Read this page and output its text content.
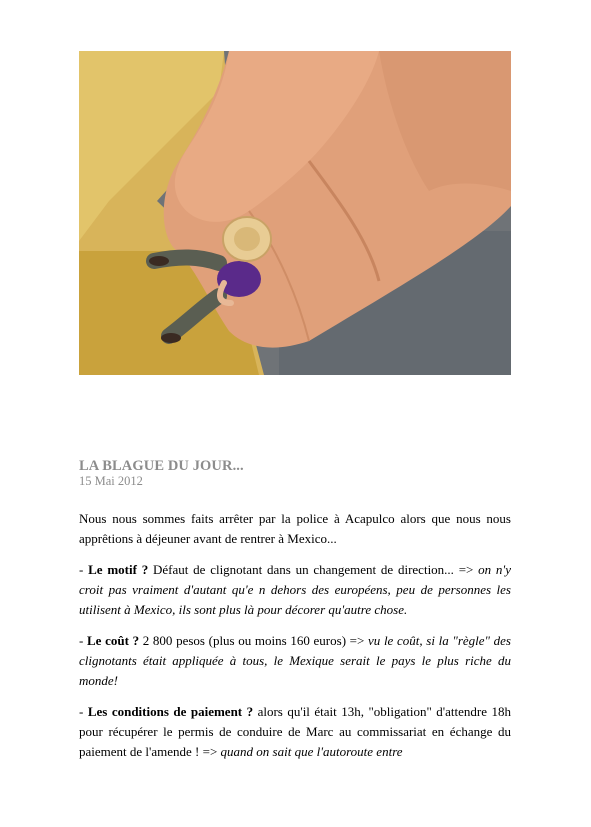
LA BLAGUE DU JOUR...
15 Mai 2012

Nous nous sommes faits arrêter par la police à Acapulco alors que nous nous apprêtions à déjeuner avant de rentrer à Mexico...

- Le motif ? Défaut de clignotant dans un changement de direction... => on n'y croit pas vraiment d'autant qu'e n dehors des européens, peu de personnes les utilisent à Mexico, ils sont plus là pour décorer qu'autre chose.

- Le coût ? 2 800 pesos (plus ou moins 160 euros) => vu le coût, si la "règle" des clignotants était appliquée à tous, le Mexique serait le pays le plus riche du monde!

- Les conditions de paiement ? alors qu'il était 13h, "obligation" d'attendre 18h pour récupérer le permis de conduire de Marc au commissariat en échange du paiement de l'amende ! => quand on sait que l'autoroute entre
